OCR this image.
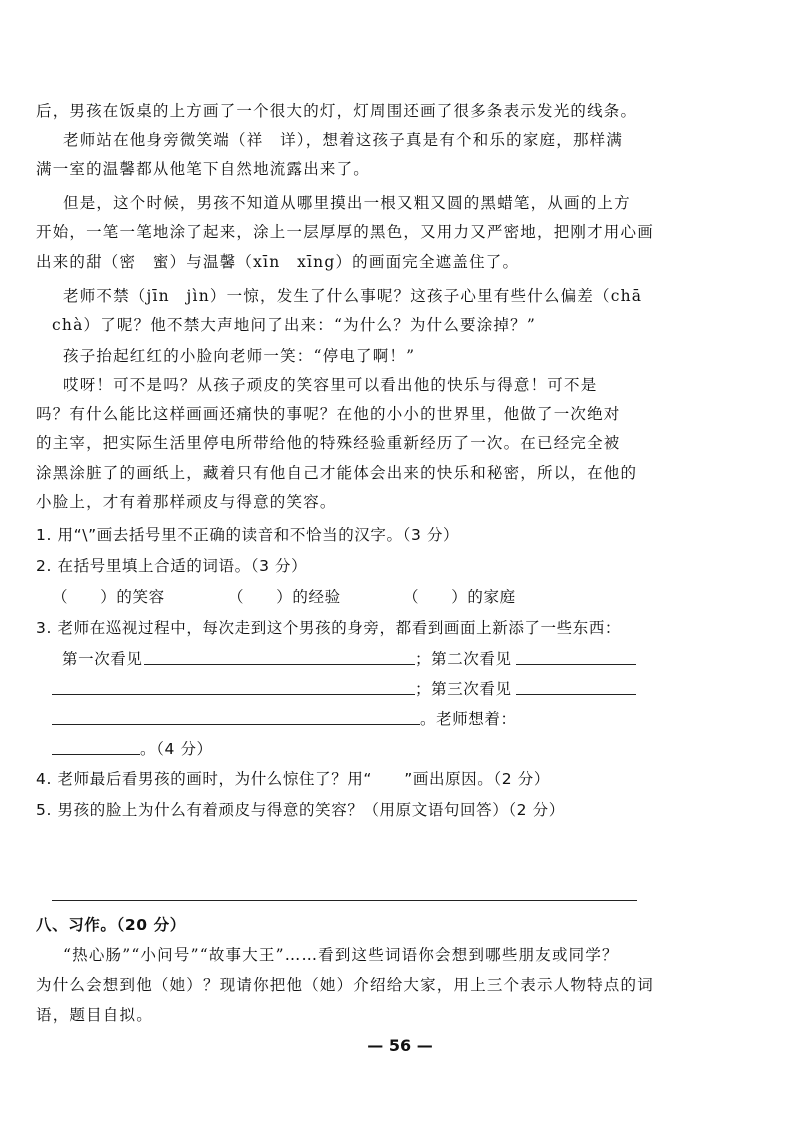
后，男孩在饭桌的上方画了一个很大的灯，灯周围还画了很多条表示发光的线条。
老师站在他身旁微笑端（祥　详），想着这孩子真是有个和乐的家庭，那样满
满一室的温馨都从他笔下自然地流露出来了。
但是，这个时候，男孩不知道从哪里摸出一根又粗又圆的黑蜡笔，从画的上方
开始，一笔一笔地涂了起来，涂上一层厚厚的黑色，又用力又严密地，把刚才用心画
出来的甜（密　蜜）与温馨（xīn　xīng）的画面完全遮盖住了。
老师不禁（jīn　jìn）一惊，发生了什么事呢？这孩子心里有些什么偏差（chā
chà）了呢？他不禁大声地问了出来：“为什么？为什么要涂掉？”
孩子抬起红红的小脸向老师一笑：“停电了啊！”
哎呀！可不是吗？从孩子顽皮的笑容里可以看出他的快乐与得意！可不是
吗？有什么能比这样画画还痛快的事呢？在他的小小的世界里，他做了一次绝对
的主宰，把实际生活里停电所带给他的特殊经验重新经历了一次。在已经完全被
涂黑涂脏了的画纸上，藏着只有他自己才能体会出来的快乐和秘密，所以，在他的
小脸上，才有着那样顽皮与得意的笑容。
1. 用“\”画去括号里不正确的读音和不恰当的汉字。（3 分）
2. 在括号里填上合适的词语。（3 分）
（　　）的笑容	（　　）的经验	（　　）的家庭
3. 老师在巡视过程中，每次走到这个男孩的身旁，都看到画面上新添了一些东西：
第一次看见	；第二次看见
；第三次看见
。老师想着：
。（4 分）
4. 老师最后看男孩的画时，为什么惊住了？用“　　”画出原因。（2 分）
5. 男孩的脸上为什么有着顽皮与得意的笑容？（用原文语句回答）（2 分）
八、习作。（20 分）
“热心肠”“小问号”“故事大王”……看到这些词语你会想到哪些朋友或同学？
为什么会想到他（她）？现请你把他（她）介绍给大家，用上三个表示人物特点的词
语，题目自拟。
— 56 —
